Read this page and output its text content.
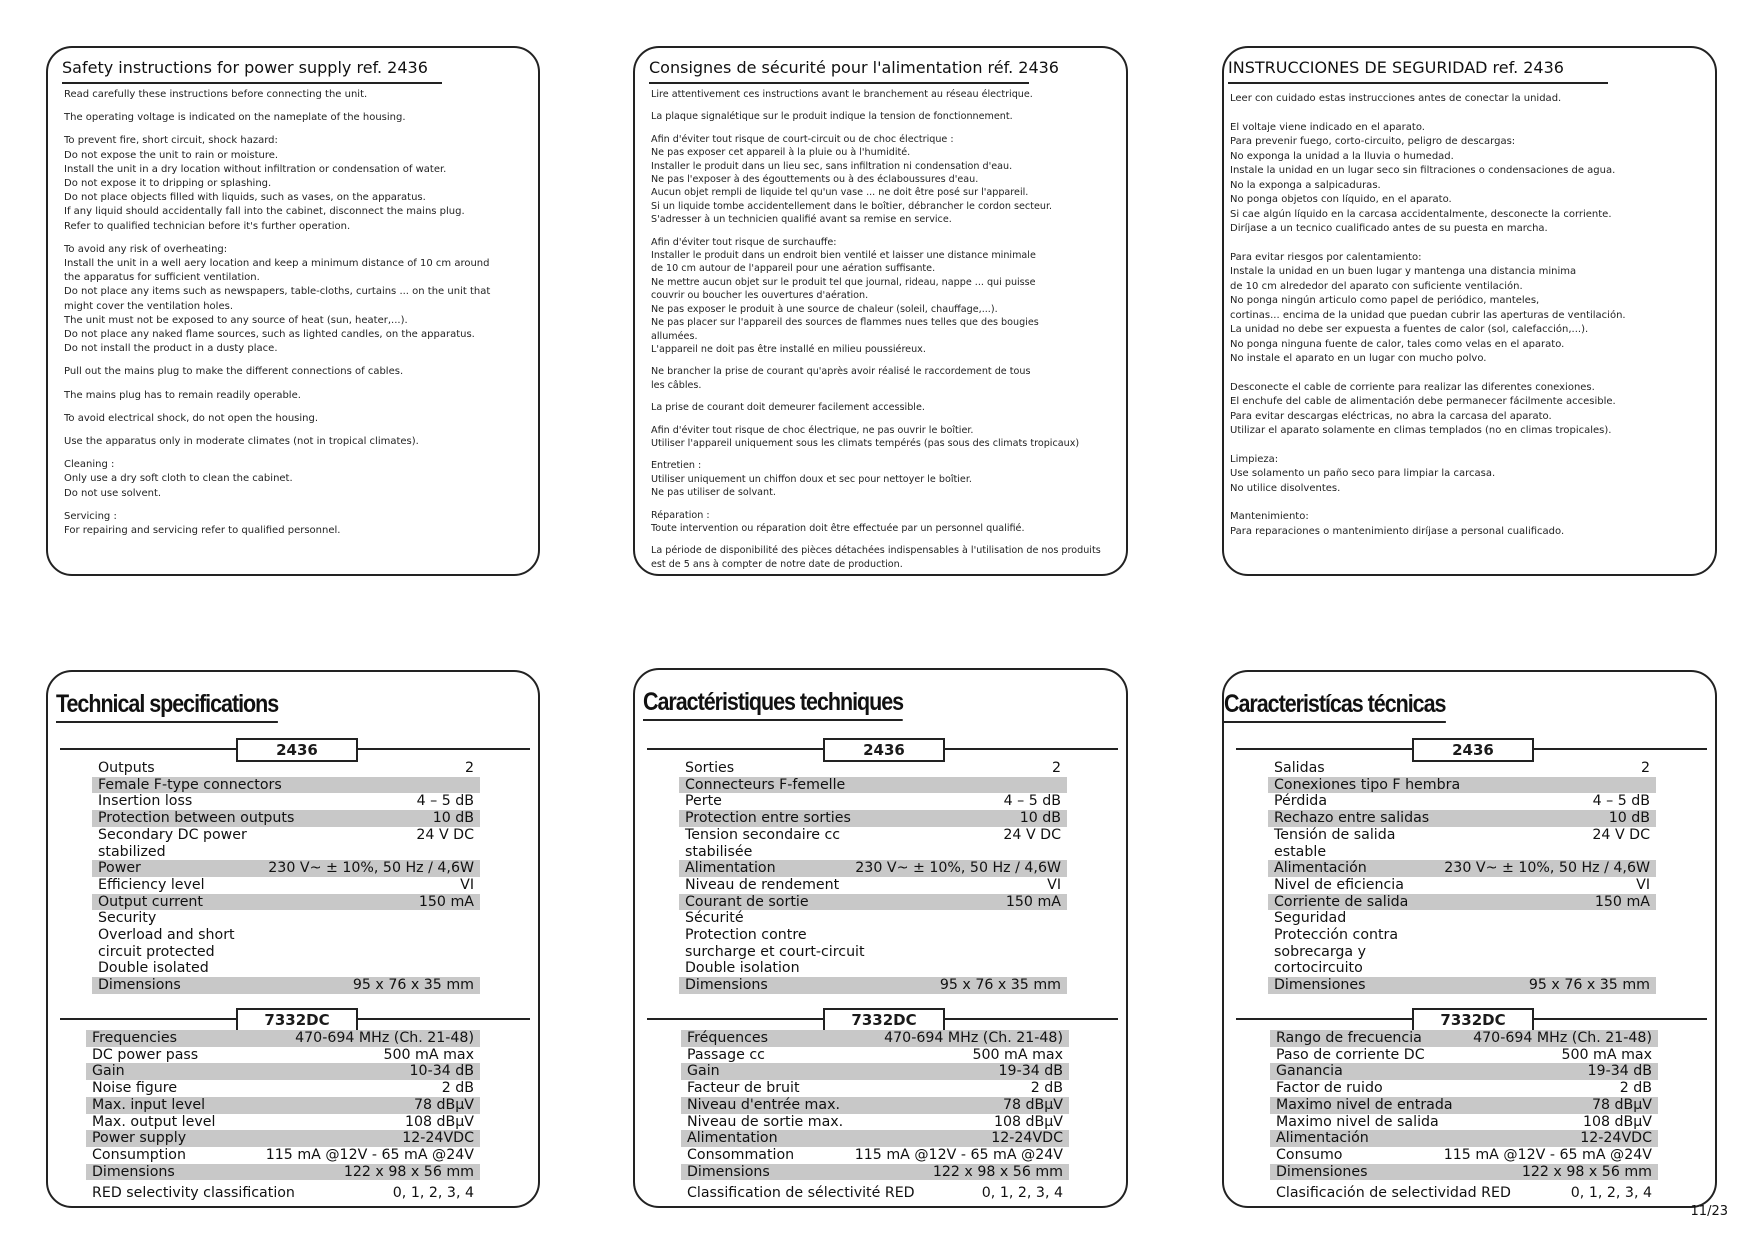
Safety instructions for power supply ref. 2436

Read carefully these instructions before connecting the unit.

The operating voltage is indicated on the nameplate of the housing.

To prevent fire, short circuit, shock hazard:
Do not expose the unit to rain or moisture.
Install the unit in a dry location without infiltration or condensation of water.
Do not expose it to dripping or splashing.
Do not place objects filled with liquids, such as vases, on the apparatus.
If any liquid should accidentally fall into the cabinet, disconnect the mains plug.
Refer to qualified technician before it's further operation.

To avoid any risk of overheating:
Install the unit in a well aery location and keep a minimum distance of 10 cm around
the apparatus for sufficient ventilation.
Do not place any items such as newspapers, table-cloths, curtains ... on the unit that
might cover the ventilation holes.
The unit must not be exposed to any source of heat (sun, heater,...).
Do not place any naked flame sources, such as lighted candles, on the apparatus.
Do not install the product in a dusty place.

Pull out the mains plug to make the different connections of cables.

The mains plug has to remain readily operable.

To avoid electrical shock, do not open the housing.

Use the apparatus only in moderate climates (not in tropical climates).

Cleaning :
Only use a dry soft cloth to clean the cabinet.
Do not use solvent.

Servicing :
For repairing and servicing refer to qualified personnel.

Consignes de sécurité pour l'alimentation réf. 2436

Lire attentivement ces instructions avant le branchement au réseau électrique.

La plaque signalétique sur le produit indique la tension de fonctionnement.

Afin d'éviter tout risque de court-circuit ou de choc électrique :
Ne pas exposer cet appareil à la pluie ou à l'humidité.
Installer le produit dans un lieu sec, sans infiltration ni condensation d'eau.
Ne pas l'exposer à des égouttements ou à des éclaboussures d'eau.
Aucun objet rempli de liquide tel qu'un vase ... ne doit être posé sur l'appareil.
Si un liquide tombe accidentellement dans le boîtier, débrancher le cordon secteur.
S'adresser à un technicien qualifié avant sa remise en service.

Afin d'éviter tout risque de surchauffe:
Installer le produit dans un endroit bien ventilé et laisser une distance minimale
de 10 cm autour de l'appareil pour une aération suffisante.
Ne mettre aucun objet sur le produit tel que journal, rideau, nappe ... qui puisse
couvrir ou boucher les ouvertures d'aération.
Ne pas exposer le produit à une source de chaleur (soleil, chauffage,...).
Ne pas placer sur l'appareil des sources de flammes nues telles que des bougies
allumées.
L'appareil ne doit pas être installé en milieu poussiéreux.

Ne brancher la prise de courant qu'après avoir réalisé le raccordement de tous
les câbles.

La prise de courant doit demeurer facilement accessible.

Afin d'éviter tout risque de choc électrique, ne pas ouvrir le boîtier.
Utiliser l'appareil uniquement sous les climats tempérés (pas sous des climats tropicaux)

Entretien :
Utiliser uniquement un chiffon doux et sec pour nettoyer le boîtier.
Ne pas utiliser de solvant.

Réparation :
Toute intervention ou réparation doit être effectuée par un personnel qualifié.

La période de disponibilité des pièces détachées indispensables à l'utilisation de nos produits
est de 5 ans à compter de notre date de production.

INSTRUCCIONES DE SEGURIDAD ref. 2436

Leer con cuidado estas instrucciones antes de conectar la unidad.

El voltaje viene indicado en el aparato.
Para prevenir fuego, corto-circuito, peligro de descargas:
No exponga la unidad a la lluvia o humedad.
Instale la unidad en un lugar seco sin filtraciones o condensaciones de agua.
No la exponga a salpicaduras.
No ponga objetos con líquido, en el aparato.
Si cae algún líquido en la carcasa accidentalmente, desconecte la corriente.
Diríjase a un tecnico cualificado antes de su puesta en marcha.

Para evitar riesgos por calentamiento:
Instale la unidad en un buen lugar y mantenga una distancia minima
de 10 cm alrededor del aparato con suficiente ventilación.
No ponga ningún articulo como papel de periódico, manteles,
cortinas... encima de la unidad que puedan cubrir las aperturas de ventilación.
La unidad no debe ser expuesta a fuentes de calor (sol, calefacción,...).
No ponga ninguna fuente de calor, tales como velas en el aparato.
No instale el aparato en un lugar con mucho polvo.

Desconecte el cable de corriente para realizar las diferentes conexiones.
El enchufe del cable de alimentación debe permanecer fácilmente accesible.
Para evitar descargas eléctricas, no abra la carcasa del aparato.
Utilizar el aparato solamente en climas templados (no en climas tropicales).

Limpieza:
Use solamento un paño seco para limpiar la carcasa.
No utilice disolventes.

Mantenimiento:
Para reparaciones o mantenimiento diríjase a personal cualificado.

Technical specifications
2436
Outputs	2
Female F-type connectors
Insertion loss	4 – 5 dB
Protection between outputs	10 dB
Secondary DC power
stabilized
24 V DC
Power	230 V~ ± 10%, 50 Hz / 4,6W
Efficiency level	VI
Output current	150 mA
Security
Overload and short
circuit protected
Double isolated
Dimensions	95 x 76 x 35 mm
7332DC
Frequencies	470-694 MHz (Ch. 21-48)
DC power pass	500 mA max
Gain	10-34 dB
Noise figure	2 dB
Max. input level	78 dBµV
Max. output level	108 dBµV
Power supply	12-24VDC
Consumption	115 mA @12V - 65 mA @24V
Dimensions	122 x 98 x 56 mm
RED selectivity classification	0, 1, 2, 3, 4
Caractéristiques techniques
2436
Sorties	2
Connecteurs F-femelle
Perte	4 – 5 dB
Protection entre sorties	10 dB
Tension secondaire cc
stabilisée
24 V DC
Alimentation	230 V~ ± 10%, 50 Hz / 4,6W
Niveau de rendement	VI
Courant de sortie	150 mA
Sécurité
Protection contre
surcharge et court-circuit
Double isolation
Dimensions	95 x 76 x 35 mm
7332DC
Fréquences	470-694 MHz (Ch. 21-48)
Passage cc	500 mA max
Gain	19-34 dB
Facteur de bruit	2 dB
Niveau d'entrée max.	78 dBµV
Niveau de sortie max.	108 dBµV
Alimentation	12-24VDC
Consommation	115 mA @12V - 65 mA @24V
Dimensions	122 x 98 x 56 mm
Classification de sélectivité RED	0, 1, 2, 3, 4
Caracteristícas técnicas
2436
Salidas	2
Conexiones tipo F hembra
Pérdida	4 – 5 dB
Rechazo entre salidas	10 dB
Tensión de salida
estable
24 V DC
Alimentación	230 V~ ± 10%, 50 Hz / 4,6W
Nivel de eficiencia	VI
Corriente de salida	150 mA
Seguridad
Protección contra
sobrecarga y
cortocircuito
Dimensiones	95 x 76 x 35 mm
7332DC
Rango de frecuencia	470-694 MHz (Ch. 21-48)
Paso de corriente DC	500 mA max
Ganancia	19-34 dB
Factor de ruido	2 dB
Maximo nivel de entrada	78 dBµV
Maximo nivel de salida	108 dBµV
Alimentación	12-24VDC
Consumo	115 mA @12V - 65 mA @24V
Dimensiones	122 x 98 x 56 mm
Clasificación de selectividad RED	0, 1, 2, 3, 4
11/23
